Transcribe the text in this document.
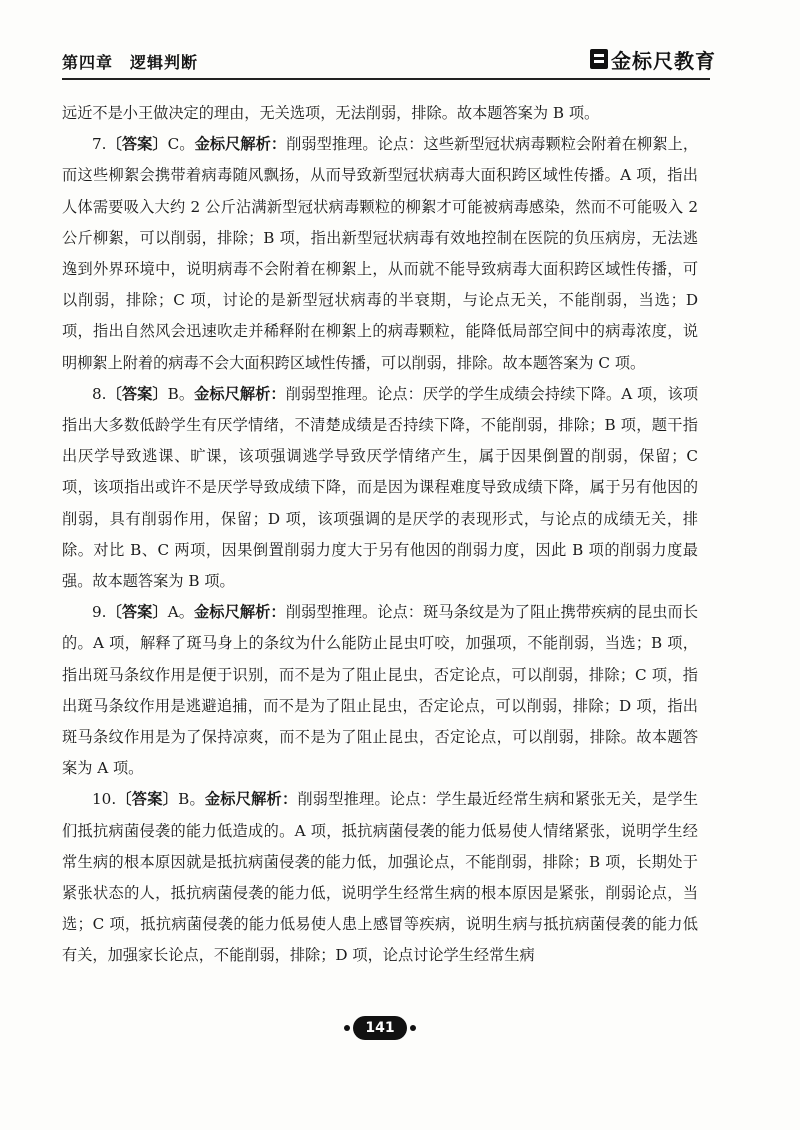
第四章　逻辑判断	金标尺教育

远近不是小王做决定的理由，无关选项，无法削弱，排除。故本题答案为 B 项。

7.〔答案〕C。金标尺解析：削弱型推理。论点：这些新型冠状病毒颗粒会附着在柳絮上，而这些柳絮会携带着病毒随风飘扬，从而导致新型冠状病毒大面积跨区域性传播。A 项，指出人体需要吸入大约 2 公斤沾满新型冠状病毒颗粒的柳絮才可能被病毒感染，然而不可能吸入 2 公斤柳絮，可以削弱，排除；B 项，指出新型冠状病毒有效地控制在医院的负压病房，无法逃逸到外界环境中，说明病毒不会附着在柳絮上，从而就不能导致病毒大面积跨区域性传播，可以削弱，排除；C 项，讨论的是新型冠状病毒的半衰期，与论点无关，不能削弱，当选；D 项，指出自然风会迅速吹走并稀释附在柳絮上的病毒颗粒，能降低局部空间中的病毒浓度，说明柳絮上附着的病毒不会大面积跨区域性传播，可以削弱，排除。故本题答案为 C 项。

8.〔答案〕B。金标尺解析：削弱型推理。论点：厌学的学生成绩会持续下降。A 项，该项指出大多数低龄学生有厌学情绪，不清楚成绩是否持续下降，不能削弱，排除；B 项，题干指出厌学导致逃课、旷课，该项强调逃学导致厌学情绪产生，属于因果倒置的削弱，保留；C 项，该项指出或许不是厌学导致成绩下降，而是因为课程难度导致成绩下降，属于另有他因的削弱，具有削弱作用，保留；D 项，该项强调的是厌学的表现形式，与论点的成绩无关，排除。对比 B、C 两项，因果倒置削弱力度大于另有他因的削弱力度，因此 B 项的削弱力度最强。故本题答案为 B 项。

9.〔答案〕A。金标尺解析：削弱型推理。论点：斑马条纹是为了阻止携带疾病的昆虫而长的。A 项，解释了斑马身上的条纹为什么能防止昆虫叮咬，加强项，不能削弱，当选；B 项，指出斑马条纹作用是便于识别，而不是为了阻止昆虫，否定论点，可以削弱，排除；C 项，指出斑马条纹作用是逃避追捕，而不是为了阻止昆虫，否定论点，可以削弱，排除；D 项，指出斑马条纹作用是为了保持凉爽，而不是为了阻止昆虫，否定论点，可以削弱，排除。故本题答案为 A 项。

10.〔答案〕B。金标尺解析：削弱型推理。论点：学生最近经常生病和紧张无关，是学生们抵抗病菌侵袭的能力低造成的。A 项，抵抗病菌侵袭的能力低易使人情绪紧张，说明学生经常生病的根本原因就是抵抗病菌侵袭的能力低，加强论点，不能削弱，排除；B 项，长期处于紧张状态的人，抵抗病菌侵袭的能力低，说明学生经常生病的根本原因是紧张，削弱论点，当选；C 项，抵抗病菌侵袭的能力低易使人患上感冒等疾病，说明生病与抵抗病菌侵袭的能力低有关，加强家长论点，不能削弱，排除；D 项，论点讨论学生经常生病

141
